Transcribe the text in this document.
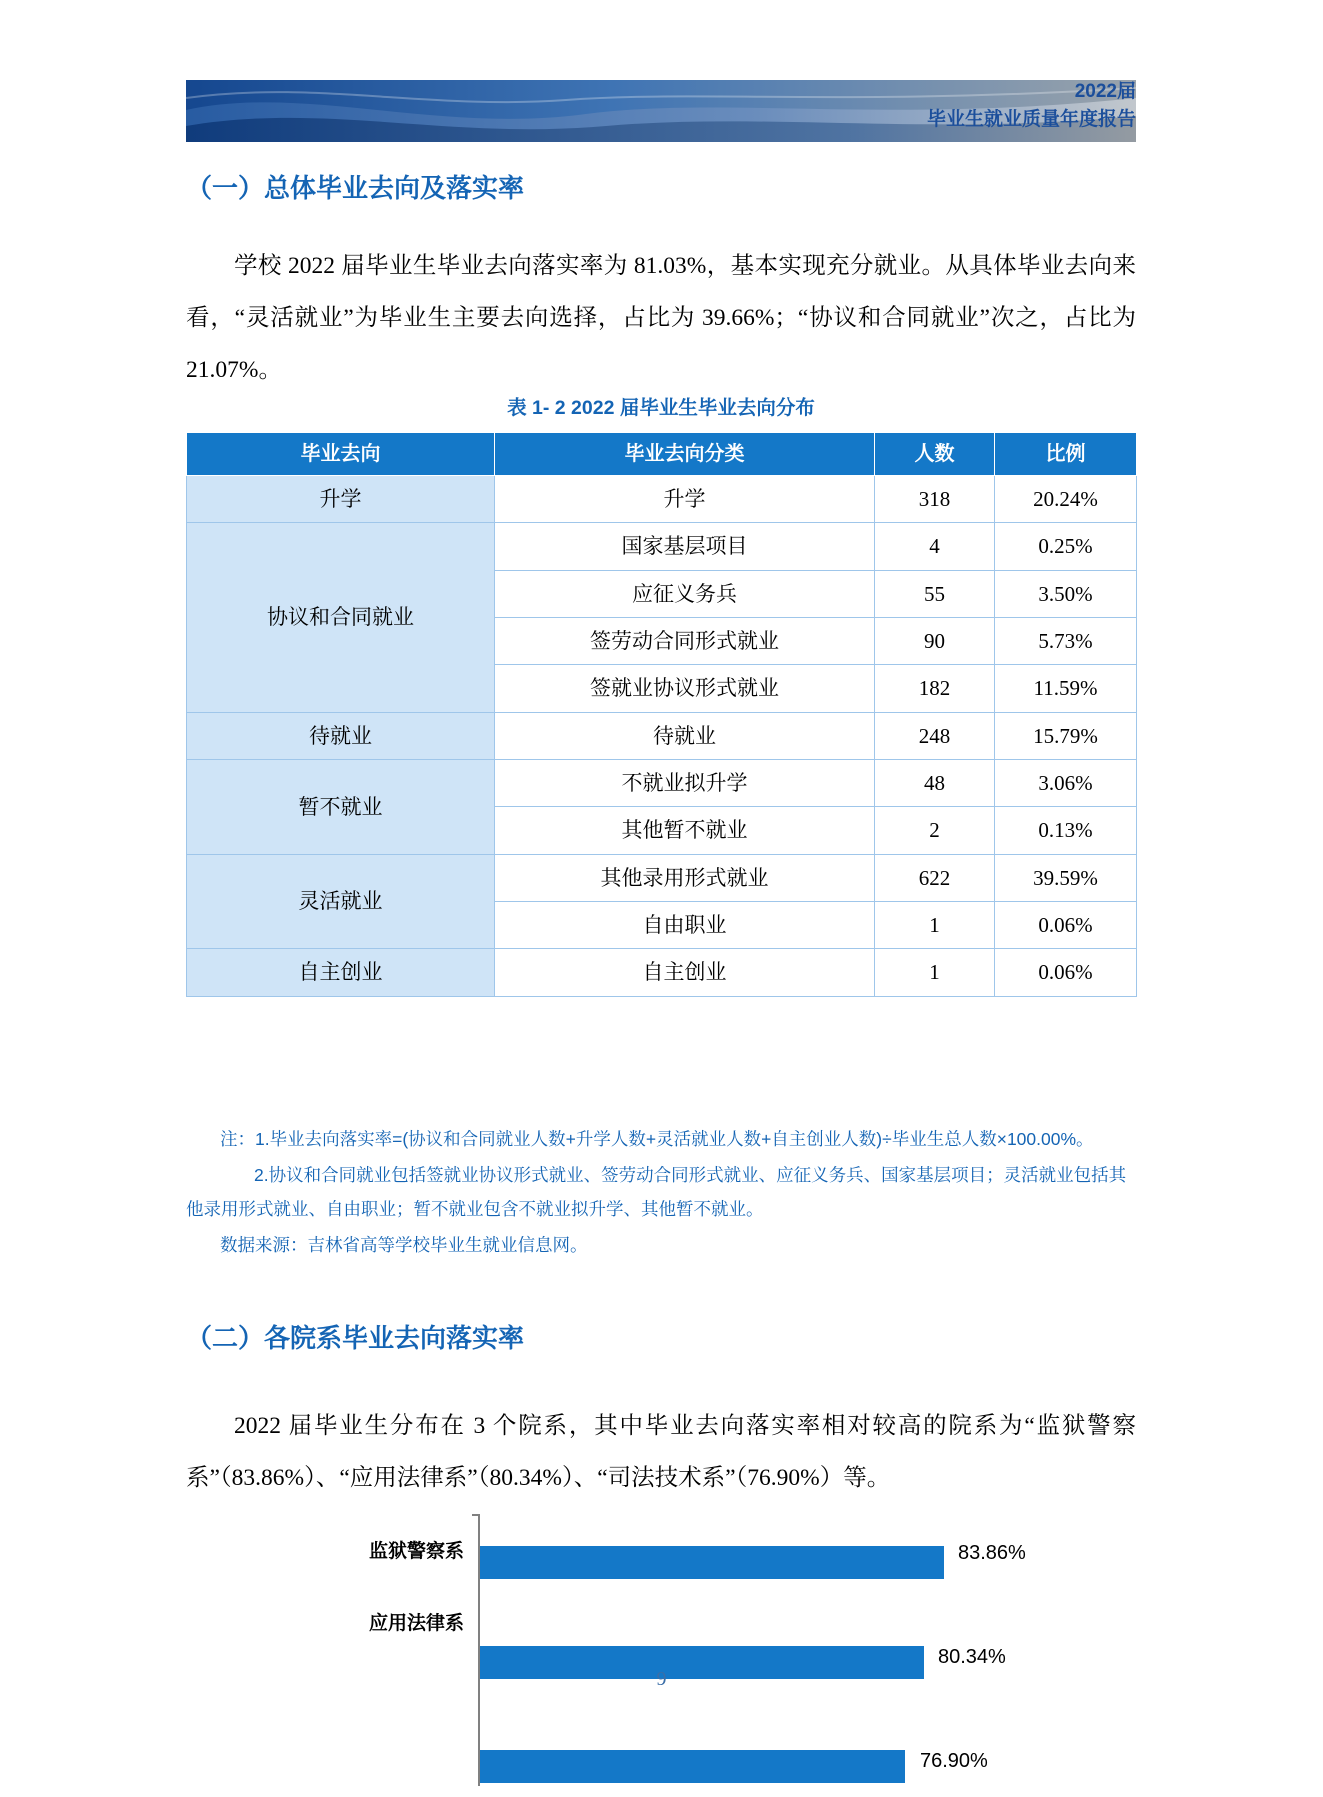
2022届
毕业生就业质量年度报告
（一）总体毕业去向及落实率
学校 2022 届毕业生毕业去向落实率为 81.03%，基本实现充分就业。从具体毕业去向来看，“灵活就业”为毕业生主要去向选择，占比为 39.66%；“协议和合同就业”次之，占比为 21.07%。
表 1- 2 2022 届毕业生毕业去向分布
毕业去向	毕业去向分类	人数	比例
升学	升学	318	20.24%
协议和合同就业	国家基层项目	4	0.25%
	应征义务兵	55	3.50%
	签劳动合同形式就业	90	5.73%
	签就业协议形式就业	182	11.59%
待就业	待就业	248	15.79%
暂不就业	不就业拟升学	48	3.06%
	其他暂不就业	2	0.13%
灵活就业	其他录用形式就业	622	39.59%
	自由职业	1	0.06%
自主创业	自主创业	1	0.06%

注：1.毕业去向落实率=(协议和合同就业人数+升学人数+灵活就业人数+自主创业人数)÷毕业生总人数×100.00%。

2.协议和合同就业包括签就业协议形式就业、签劳动合同形式就业、应征义务兵、国家基层项目；灵活就业包括其他录用形式就业、自由职业；暂不就业包含不就业拟升学、其他暂不就业。

数据来源：吉林省高等学校毕业生就业信息网。

（二）各院系毕业去向落实率
2022 届毕业生分布在 3 个院系，其中毕业去向落实率相对较高的院系为“监狱警察系”（83.86%）、“应用法律系”（80.34%）、“司法技术系”（76.90%）等。
监狱警察系	83.86%
应用法律系
80.34%
76.90%
9
